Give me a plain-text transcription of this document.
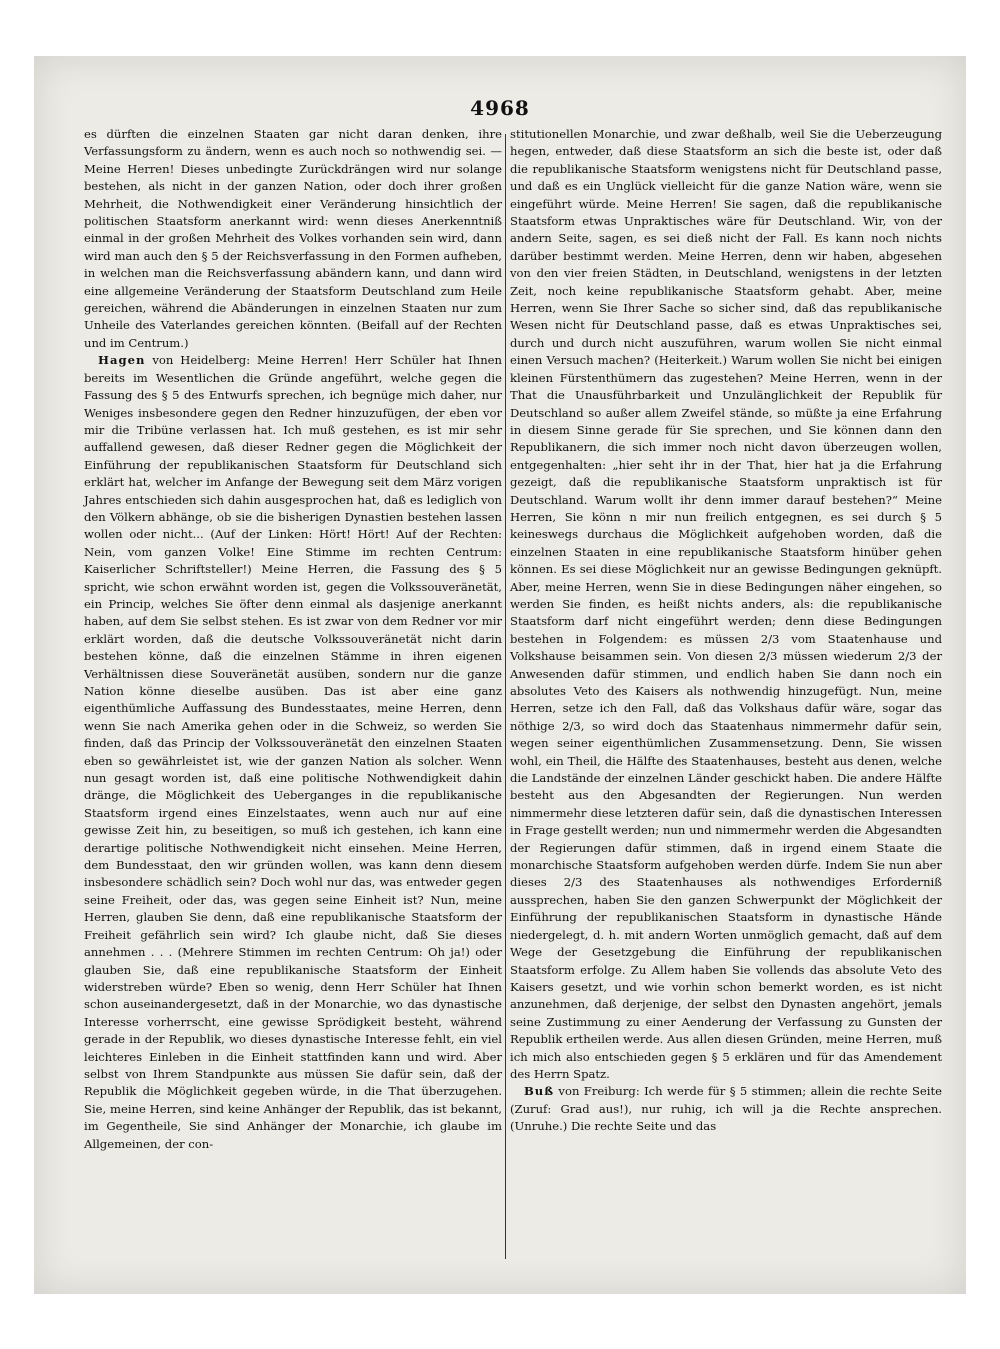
4968

es dürften die einzelnen Staaten gar nicht daran denken, ihre Verfassungsform zu ändern, wenn es auch noch so nothwendig sei. — Meine Herren! Dieses unbedingte Zurückdrängen wird nur solange bestehen, als nicht in der ganzen Nation, oder doch ihrer großen Mehrheit, die Nothwendigkeit einer Veränderung hinsichtlich der politischen Staatsform anerkannt wird: wenn dieses Anerkenntniß einmal in der großen Mehrheit des Volkes vorhanden sein wird, dann wird man auch den § 5 der Reichsverfassung in den Formen aufheben, in welchen man die Reichsverfassung abändern kann, und dann wird eine allgemeine Veränderung der Staatsform Deutschland zum Heile gereichen, während die Abänderungen in einzelnen Staaten nur zum Unheile des Vaterlandes gereichen könnten. (Beifall auf der Rechten und im Centrum.)

Hagen von Heidelberg: Meine Herren! Herr Schüler hat Ihnen bereits im Wesentlichen die Gründe angeführt, welche gegen die Fassung des § 5 des Entwurfs sprechen, ich begnüge mich daher, nur Weniges insbesondere gegen den Redner hinzuzufügen, der eben vor mir die Tribüne verlassen hat. Ich muß gestehen, es ist mir sehr auffallend gewesen, daß dieser Redner gegen die Möglichkeit der Einführung der republikanischen Staatsform für Deutschland sich erklärt hat, welcher im Anfange der Bewegung seit dem März vorigen Jahres entschieden sich dahin ausgesprochen hat, daß es lediglich von den Völkern abhänge, ob sie die bisherigen Dynastien bestehen lassen wollen oder nicht... (Auf der Linken: Hört! Hört! Auf der Rechten: Nein, vom ganzen Volke! Eine Stimme im rechten Centrum: Kaiserlicher Schriftsteller!) Meine Herren, die Fassung des § 5 spricht, wie schon erwähnt worden ist, gegen die Volkssouveränetät, ein Princip, welches Sie öfter denn einmal als dasjenige anerkannt haben, auf dem Sie selbst stehen. Es ist zwar von dem Redner vor mir erklärt worden, daß die deutsche Volkssouveränetät nicht darin bestehen könne, daß die einzelnen Stämme in ihren eigenen Verhältnissen diese Souveränetät ausüben, sondern nur die ganze Nation könne dieselbe ausüben. Das ist aber eine ganz eigenthümliche Auffassung des Bundesstaates, meine Herren, denn wenn Sie nach Amerika gehen oder in die Schweiz, so werden Sie finden, daß das Princip der Volkssouveränetät den einzelnen Staaten eben so gewährleistet ist, wie der ganzen Nation als solcher. Wenn nun gesagt worden ist, daß eine politische Nothwendigkeit dahin dränge, die Möglichkeit des Ueberganges in die republikanische Staatsform irgend eines Einzelstaates, wenn auch nur auf eine gewisse Zeit hin, zu beseitigen, so muß ich gestehen, ich kann eine derartige politische Nothwendigkeit nicht einsehen. Meine Herren, dem Bundesstaat, den wir gründen wollen, was kann denn diesem insbesondere schädlich sein? Doch wohl nur das, was entweder gegen seine Freiheit, oder das, was gegen seine Einheit ist? Nun, meine Herren, glauben Sie denn, daß eine republikanische Staatsform der Freiheit gefährlich sein wird? Ich glaube nicht, daß Sie dieses annehmen . . . (Mehrere Stimmen im rechten Centrum: Oh ja!) oder glauben Sie, daß eine republikanische Staatsform der Einheit widerstreben würde? Eben so wenig, denn Herr Schüler hat Ihnen schon auseinandergesetzt, daß in der Monarchie, wo das dynastische Interesse vorherrscht, eine gewisse Sprödigkeit besteht, während gerade in der Republik, wo dieses dynastische Interesse fehlt, ein viel leichteres Einleben in die Einheit stattfinden kann und wird. Aber selbst von Ihrem Standpunkte aus müssen Sie dafür sein, daß der Republik die Möglichkeit gegeben würde, in die That überzugehen. Sie, meine Herren, sind keine Anhänger der Republik, das ist bekannt, im Gegentheile, Sie sind Anhänger der Monarchie, ich glaube im Allgemeinen, der con-

stitutionellen Monarchie, und zwar deßhalb, weil Sie die Ueberzeugung hegen, entweder, daß diese Staatsform an sich die beste ist, oder daß die republikanische Staatsform wenigstens nicht für Deutschland passe, und daß es ein Unglück vielleicht für die ganze Nation wäre, wenn sie eingeführt würde. Meine Herren! Sie sagen, daß die republikanische Staatsform etwas Unpraktisches wäre für Deutschland. Wir, von der andern Seite, sagen, es sei dieß nicht der Fall. Es kann noch nichts darüber bestimmt werden. Meine Herren, denn wir haben, abgesehen von den vier freien Städten, in Deutschland, wenigstens in der letzten Zeit, noch keine republikanische Staatsform gehabt. Aber, meine Herren, wenn Sie Ihrer Sache so sicher sind, daß das republikanische Wesen nicht für Deutschland passe, daß es etwas Unpraktisches sei, durch und durch nicht auszuführen, warum wollen Sie nicht einmal einen Versuch machen? (Heiterkeit.) Warum wollen Sie nicht bei einigen kleinen Fürstenthümern das zugestehen? Meine Herren, wenn in der That die Unausführbarkeit und Unzulänglichkeit der Republik für Deutschland so außer allem Zweifel stände, so müßte ja eine Erfahrung in diesem Sinne gerade für Sie sprechen, und Sie können dann den Republikanern, die sich immer noch nicht davon überzeugen wollen, entgegenhalten: „hier seht ihr in der That, hier hat ja die Erfahrung gezeigt, daß die republikanische Staatsform unpraktisch ist für Deutschland. Warum wollt ihr denn immer darauf bestehen?“ Meine Herren, Sie könn n mir nun freilich entgegnen, es sei durch § 5 keineswegs durchaus die Möglichkeit aufgehoben worden, daß die einzelnen Staaten in eine republikanische Staatsform hinüber gehen können. Es sei diese Möglichkeit nur an gewisse Bedingungen geknüpft. Aber, meine Herren, wenn Sie in diese Bedingungen näher eingehen, so werden Sie finden, es heißt nichts anders, als: die republikanische Staatsform darf nicht eingeführt werden; denn diese Bedingungen bestehen in Folgendem: es müssen 2/3 vom Staatenhause und Volkshause beisammen sein. Von diesen 2/3 müssen wiederum 2/3 der Anwesenden dafür stimmen, und endlich haben Sie dann noch ein absolutes Veto des Kaisers als nothwendig hinzugefügt. Nun, meine Herren, setze ich den Fall, daß das Volkshaus dafür wäre, sogar das nöthige 2/3, so wird doch das Staatenhaus nimmermehr dafür sein, wegen seiner eigenthümlichen Zusammensetzung. Denn, Sie wissen wohl, ein Theil, die Hälfte des Staatenhauses, besteht aus denen, welche die Landstände der einzelnen Länder geschickt haben. Die andere Hälfte besteht aus den Abgesandten der Regierungen. Nun werden nimmermehr diese letzteren dafür sein, daß die dynastischen Interessen in Frage gestellt werden; nun und nimmermehr werden die Abgesandten der Regierungen dafür stimmen, daß in irgend einem Staate die monarchische Staatsform aufgehoben werden dürfe. Indem Sie nun aber dieses 2/3 des Staatenhauses als nothwendiges Erforderniß aussprechen, haben Sie den ganzen Schwerpunkt der Möglichkeit der Einführung der republikanischen Staatsform in dynastische Hände niedergelegt, d. h. mit andern Worten unmöglich gemacht, daß auf dem Wege der Gesetzgebung die Einführung der republikanischen Staatsform erfolge. Zu Allem haben Sie vollends das absolute Veto des Kaisers gesetzt, und wie vorhin schon bemerkt worden, es ist nicht anzunehmen, daß derjenige, der selbst den Dynasten angehört, jemals seine Zustimmung zu einer Aenderung der Verfassung zu Gunsten der Republik ertheilen werde. Aus allen diesen Gründen, meine Herren, muß ich mich also entschieden gegen § 5 erklären und für das Amendement des Herrn Spatz.

Buß von Freiburg: Ich werde für § 5 stimmen; allein die rechte Seite (Zuruf: Grad aus!), nur ruhig, ich will ja die Rechte ansprechen. (Unruhe.) Die rechte Seite und das
